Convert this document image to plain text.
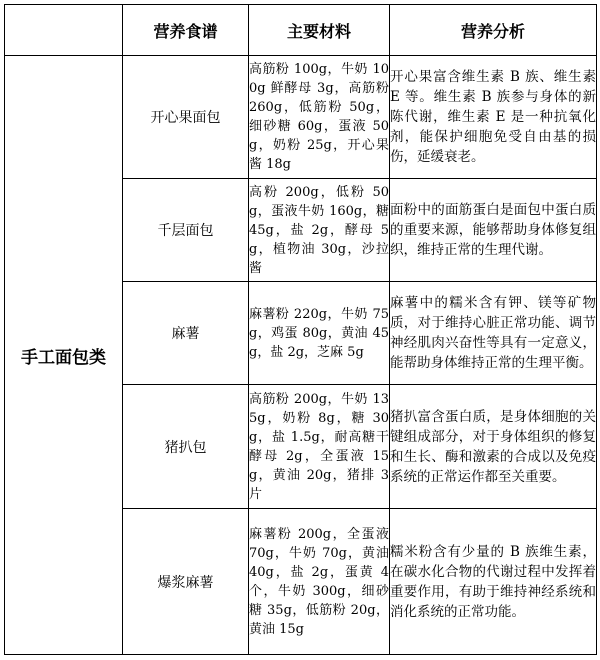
	营养食谱	主要材料	营养分析
手工面包类	开心果面包	高筋粉 100g，牛奶 100g 鲜酵母 3g，高筋粉 260g，低筋粉 50g，细砂糖 60g，蛋液 50g，奶粉 25g，开心果酱 18g	开心果富含维生素 B 族、维生素 E 等。维生素 B 族参与身体的新陈代谢，维生素 E 是一种抗氧化剂，能保护细胞免受自由基的损伤，延缓衰老。
	千层面包	高粉 200g，低粉 50g，蛋液牛奶 160g，糖 45g，盐 2g，酵母 5g，植物油 30g，沙拉酱	面粉中的面筋蛋白是面包中蛋白质的重要来源，能够帮助身体修复组织，维持正常的生理代谢。
	麻薯	麻薯粉 220g，牛奶 75g，鸡蛋 80g，黄油 45g，盐 2g，芝麻 5g	麻薯中的糯米含有钾、镁等矿物质，对于维持心脏正常功能、调节神经肌肉兴奋性等具有一定意义，能帮助身体维持正常的生理平衡。
	猪扒包	高筋粉 200g，牛奶 135g，奶粉 8g，糖 30g，盐 1.5g，耐高糖干酵母 2g，全蛋液 15g，黄油 20g，猪排 3 片	猪扒富含蛋白质，是身体细胞的关键组成部分，对于身体组织的修复和生长、酶和激素的合成以及免疫系统的正常运作都至关重要。
	爆浆麻薯	麻薯粉 200g，全蛋液 70g，牛奶 70g，黄油 40g，盐 2g，蛋黄 4 个，牛奶 300g，细砂糖 35g，低筋粉 20g，黄油 15g	糯米粉含有少量的 B 族维生素，在碳水化合物的代谢过程中发挥着重要作用，有助于维持神经系统和消化系统的正常功能。
